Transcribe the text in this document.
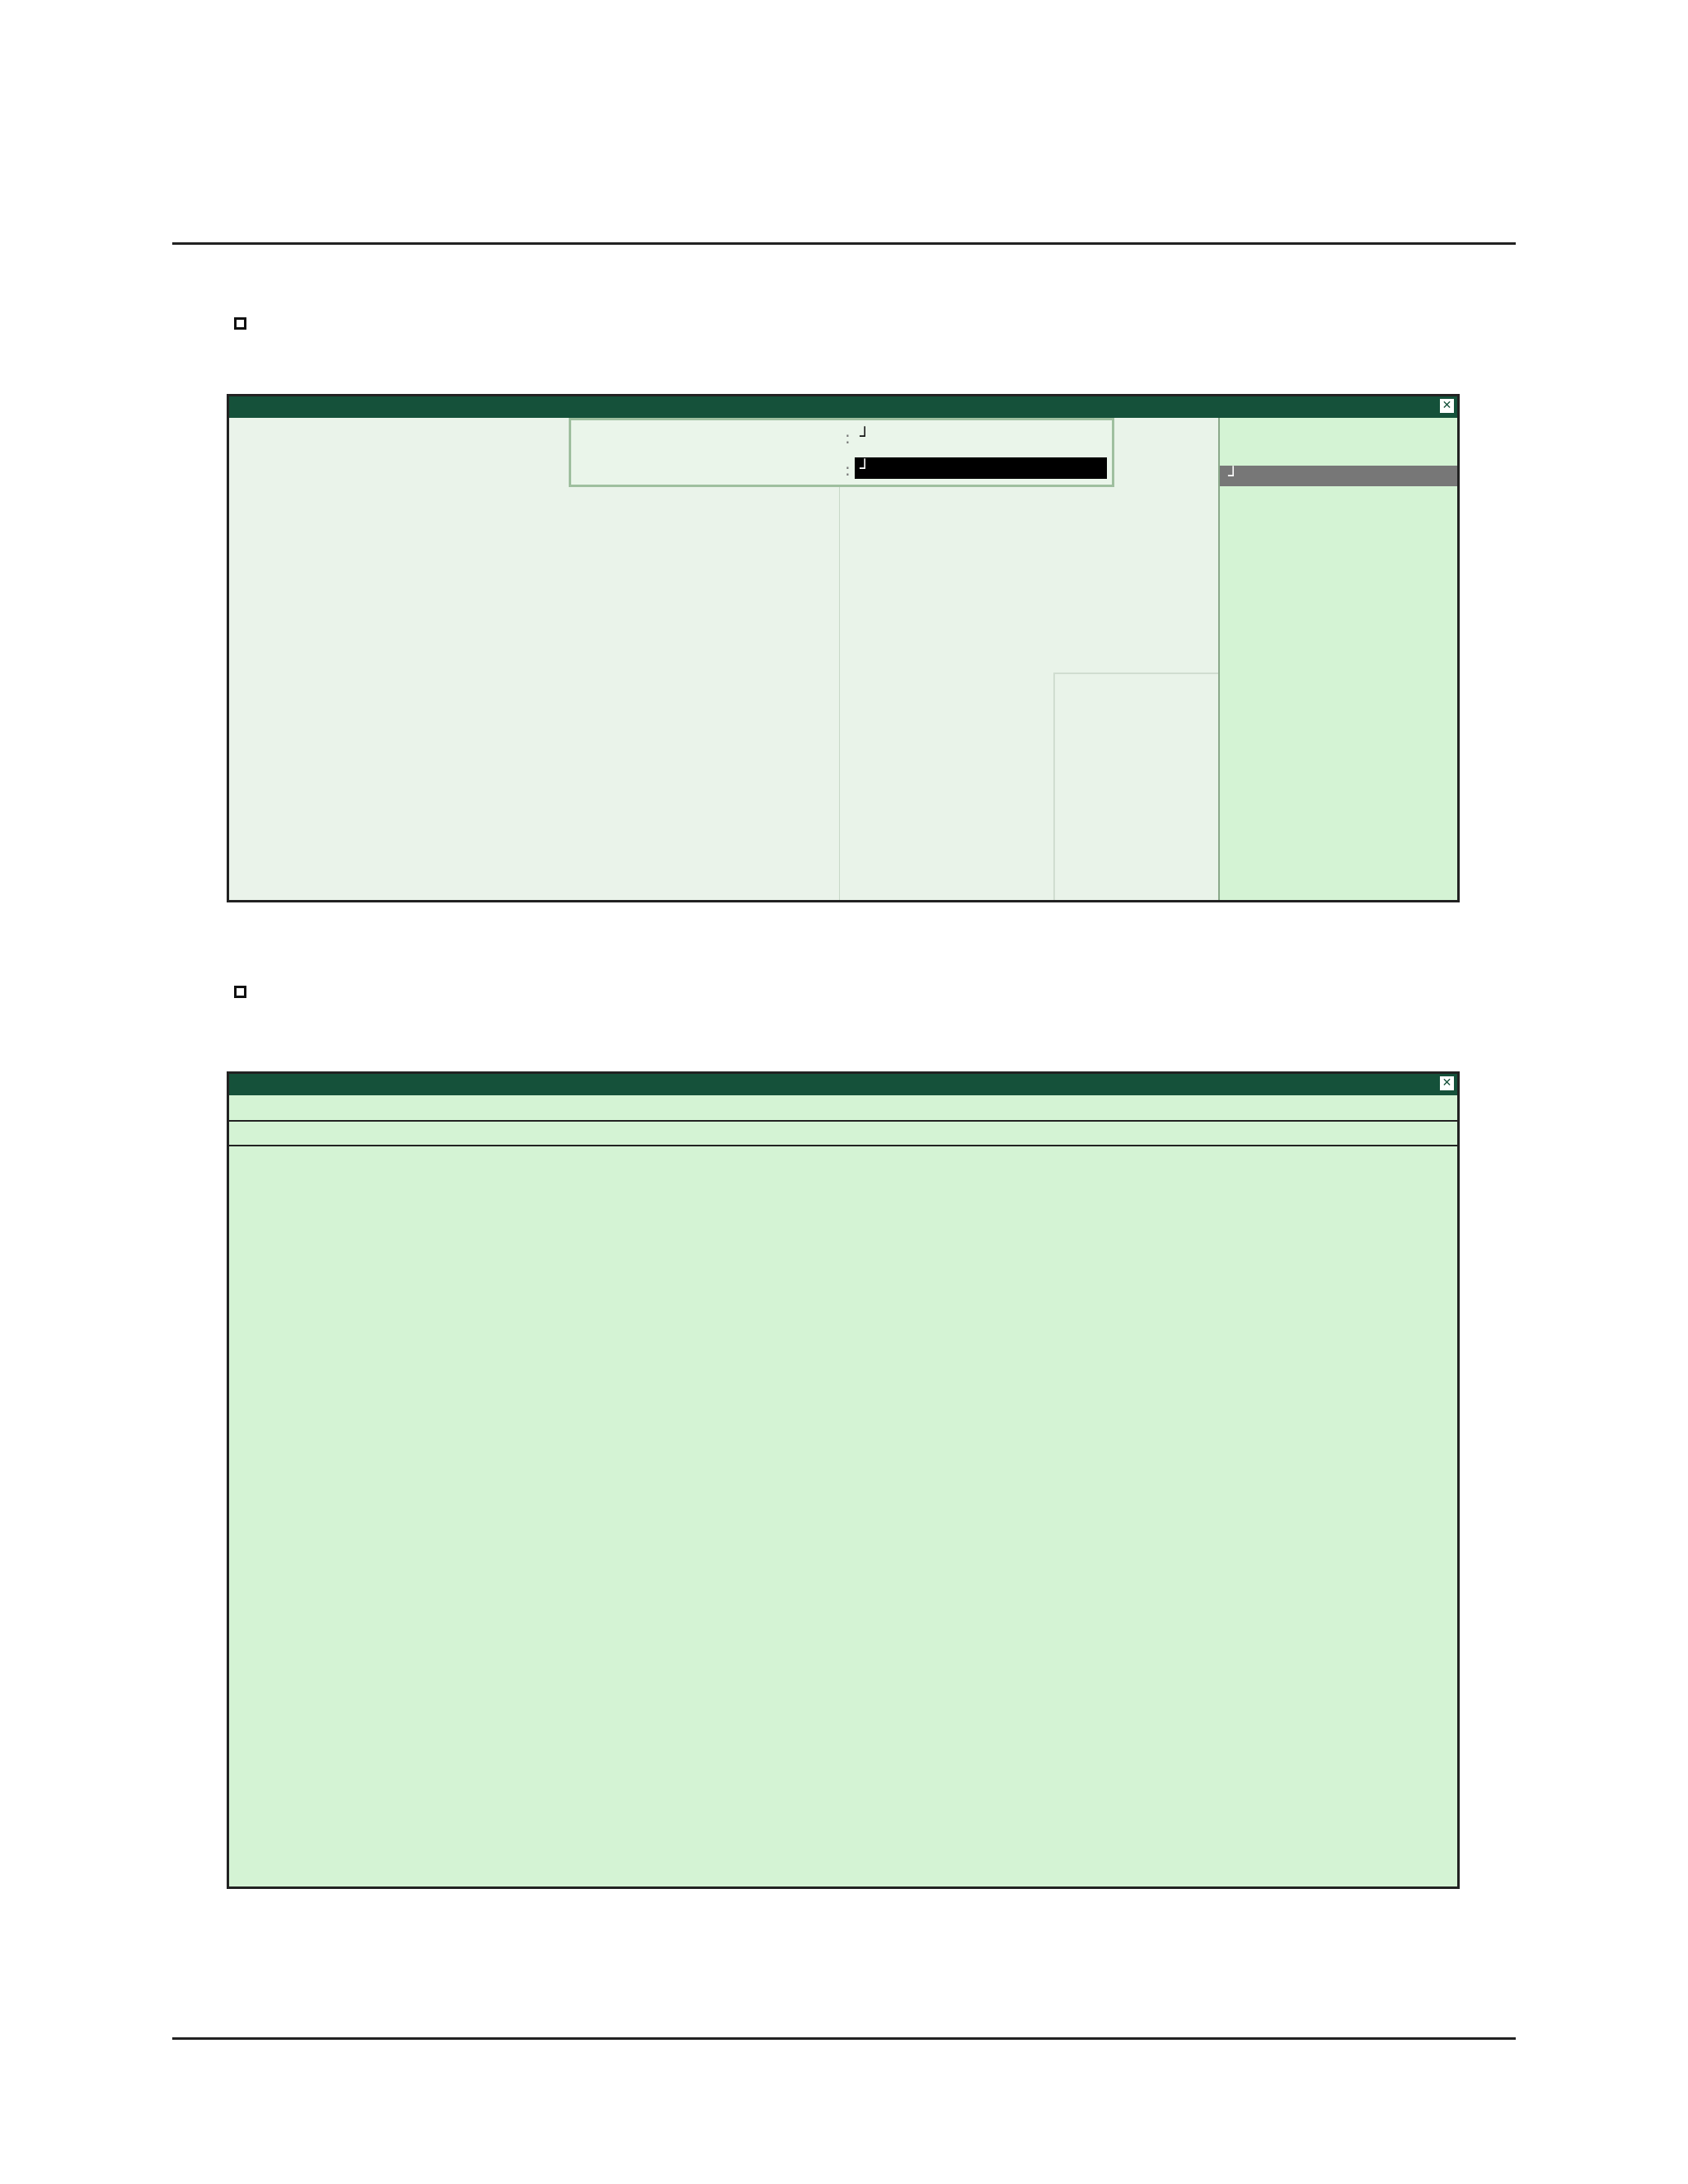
✕
: ┘
: ┘	┘
✕
